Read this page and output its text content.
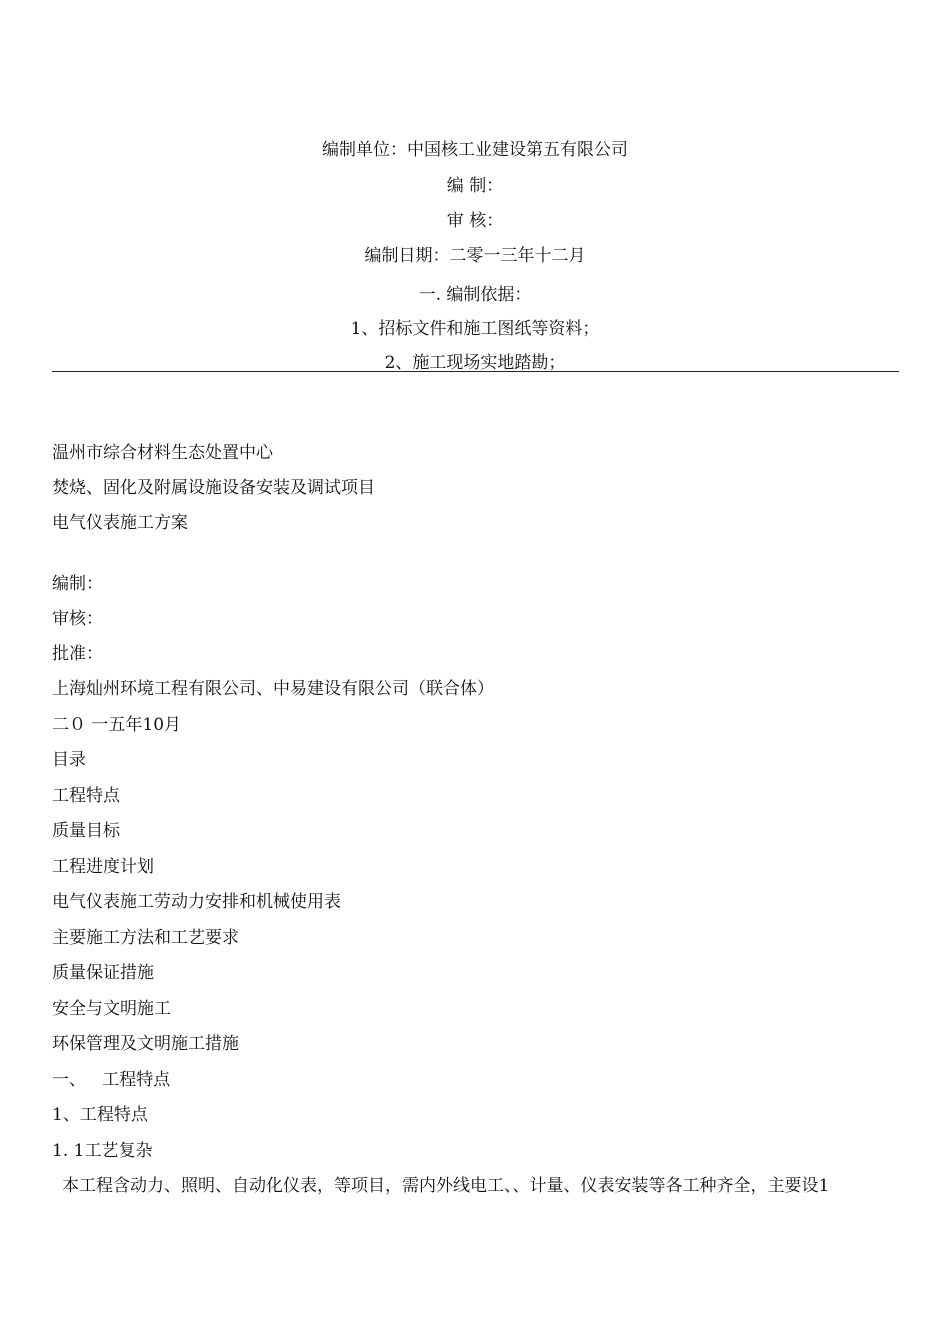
编制单位：中国核工业建设第五有限公司
编 制：
审 核：
编制日期：二零一三年十二月
一. 编制依据：
1、招标文件和施工图纸等资料；
2、施工现场实地踏勘；
温州市综合材料生态处置中心
焚烧、固化及附属设施设备安装及调试项目
电气仪表施工方案
编制：
审核：
批准：
上海灿州环境工程有限公司、中易建设有限公司（联合体）
二０ 一五年10月
目录
工程特点
质量目标
工程进度计划
电气仪表施工劳动力安排和机械使用表
主要施工方法和工艺要求
质量保证措施
安全与文明施工
环保管理及文明施工措施
一、   工程特点
1、工程特点
1. 1工艺复杂
本工程含动力、照明、自动化仪表，等项目，需内外线电工、、计量、仪表安装等各工种齐全，主要设1
